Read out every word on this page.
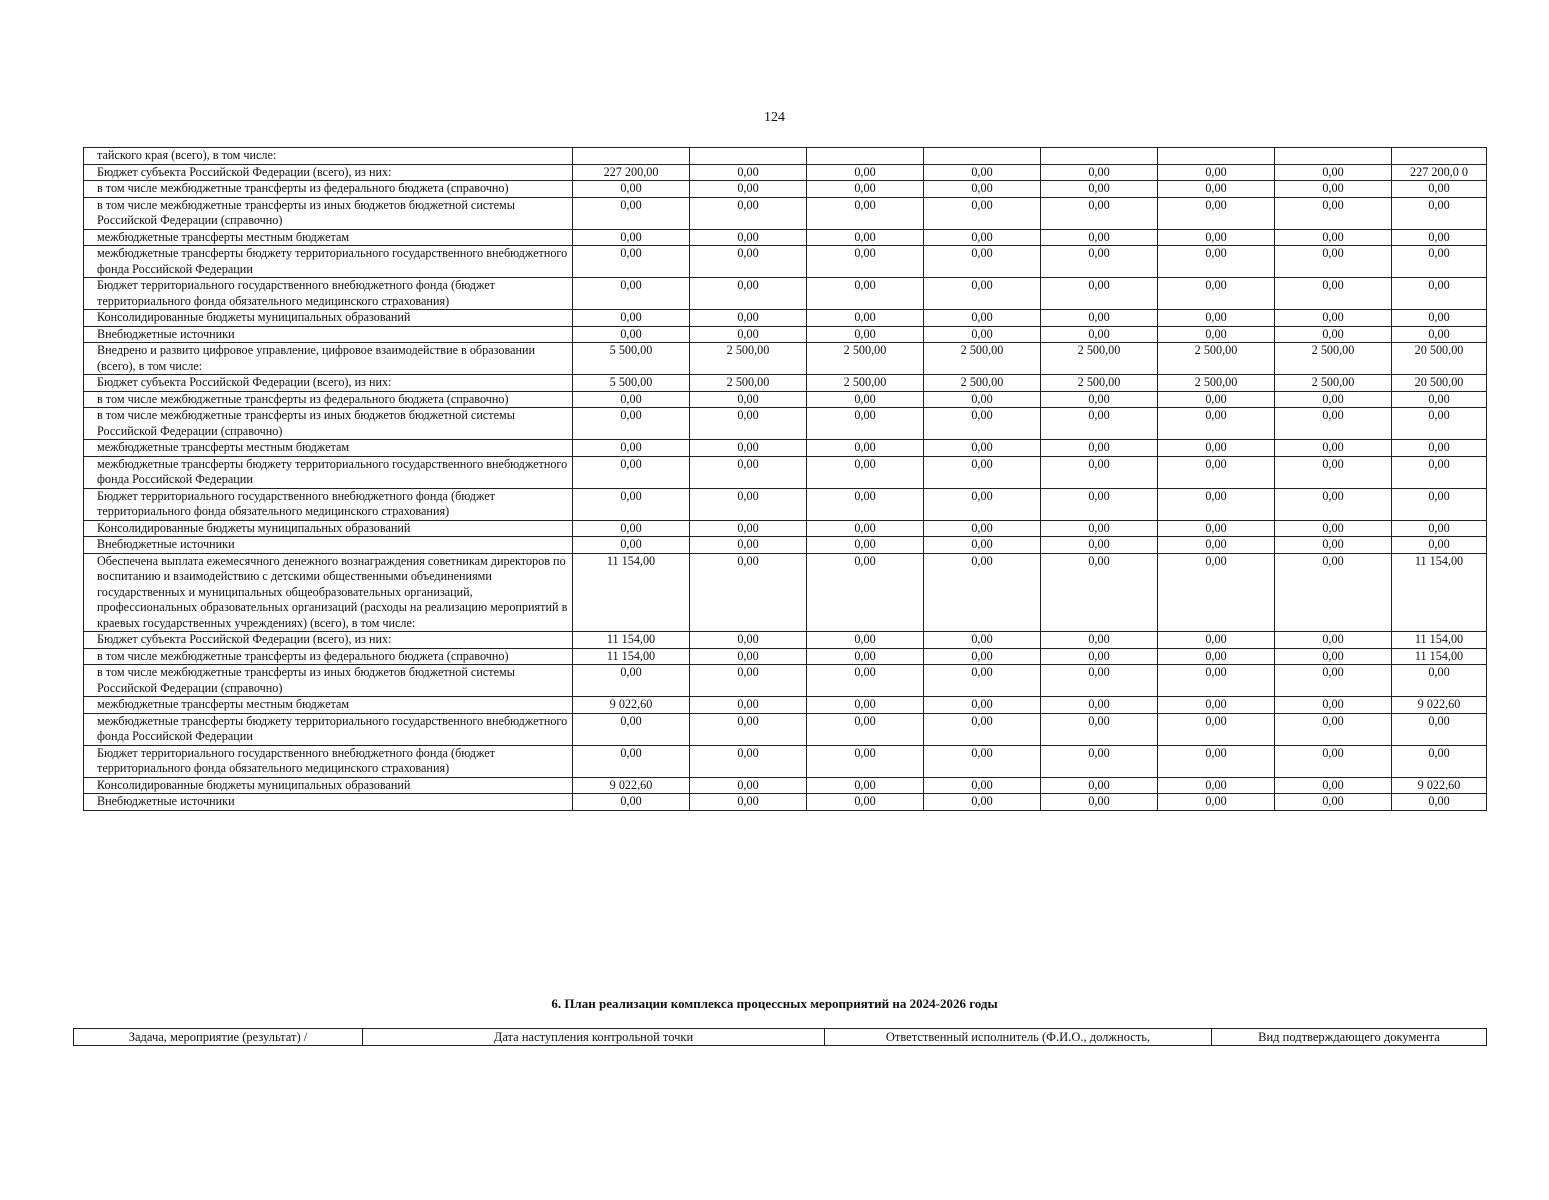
124
тайского края (всего), в том числе:								
Бюджет субъекта Российской Федерации (всего), из них:	227 200,00	0,00	0,00	0,00	0,00	0,00	0,00	227 200,0 0
в том числе межбюджетные трансферты из федерального бюджета (справочно)	0,00	0,00	0,00	0,00	0,00	0,00	0,00	0,00
в том числе межбюджетные трансферты из иных бюджетов бюджетной системы Российской Федерации (справочно)	0,00	0,00	0,00	0,00	0,00	0,00	0,00	0,00
межбюджетные трансферты местным бюджетам	0,00	0,00	0,00	0,00	0,00	0,00	0,00	0,00
межбюджетные трансферты бюджету территориального государственного внебюджетного фонда Российской Федерации	0,00	0,00	0,00	0,00	0,00	0,00	0,00	0,00
Бюджет территориального государственного внебюджетного фонда (бюджет территориального фонда обязательного медицинского страхования)	0,00	0,00	0,00	0,00	0,00	0,00	0,00	0,00
Консолидированные бюджеты муниципальных образований	0,00	0,00	0,00	0,00	0,00	0,00	0,00	0,00
Внебюджетные источники	0,00	0,00	0,00	0,00	0,00	0,00	0,00	0,00
Внедрено и развито цифровое управление, цифровое взаимодействие в образовании (всего), в том числе:	5 500,00	2 500,00	2 500,00	2 500,00	2 500,00	2 500,00	2 500,00	20 500,00
Бюджет субъекта Российской Федерации (всего), из них:	5 500,00	2 500,00	2 500,00	2 500,00	2 500,00	2 500,00	2 500,00	20 500,00
в том числе межбюджетные трансферты из федерального бюджета (справочно)	0,00	0,00	0,00	0,00	0,00	0,00	0,00	0,00
в том числе межбюджетные трансферты из иных бюджетов бюджетной системы Российской Федерации (справочно)	0,00	0,00	0,00	0,00	0,00	0,00	0,00	0,00
межбюджетные трансферты местным бюджетам	0,00	0,00	0,00	0,00	0,00	0,00	0,00	0,00
межбюджетные трансферты бюджету территориального государственного внебюджетного фонда Российской Федерации	0,00	0,00	0,00	0,00	0,00	0,00	0,00	0,00
Бюджет территориального государственного внебюджетного фонда (бюджет территориального фонда обязательного медицинского страхования)	0,00	0,00	0,00	0,00	0,00	0,00	0,00	0,00
Консолидированные бюджеты муниципальных образований	0,00	0,00	0,00	0,00	0,00	0,00	0,00	0,00
Внебюджетные источники	0,00	0,00	0,00	0,00	0,00	0,00	0,00	0,00
Обеспечена выплата ежемесячного денежного вознаграждения советникам директоров по воспитанию и взаимодействию с детскими общественными объединениями государственных и муниципальных общеобразовательных организаций, профессиональных образовательных организаций (расходы на реализацию мероприятий в краевых государственных учреждениях) (всего), в том числе:	11 154,00	0,00	0,00	0,00	0,00	0,00	0,00	11 154,00
Бюджет субъекта Российской Федерации (всего), из них:	11 154,00	0,00	0,00	0,00	0,00	0,00	0,00	11 154,00
в том числе межбюджетные трансферты из федерального бюджета (справочно)	11 154,00	0,00	0,00	0,00	0,00	0,00	0,00	11 154,00
в том числе межбюджетные трансферты из иных бюджетов бюджетной системы Российской Федерации (справочно)	0,00	0,00	0,00	0,00	0,00	0,00	0,00	0,00
межбюджетные трансферты местным бюджетам	9 022,60	0,00	0,00	0,00	0,00	0,00	0,00	9 022,60
межбюджетные трансферты бюджету территориального государственного внебюджетного фонда Российской Федерации	0,00	0,00	0,00	0,00	0,00	0,00	0,00	0,00
Бюджет территориального государственного внебюджетного фонда (бюджет территориального фонда обязательного медицинского страхования)	0,00	0,00	0,00	0,00	0,00	0,00	0,00	0,00
Консолидированные бюджеты муниципальных образований	9 022,60	0,00	0,00	0,00	0,00	0,00	0,00	9 022,60
Внебюджетные источники	0,00	0,00	0,00	0,00	0,00	0,00	0,00	0,00
6. План реализации комплекса процессных мероприятий на 2024-2026 годы
Задача, мероприятие (результат) /	Дата наступления контрольной точки	Ответственный исполнитель (Ф.И.О., должность,	Вид подтверждающего документа
